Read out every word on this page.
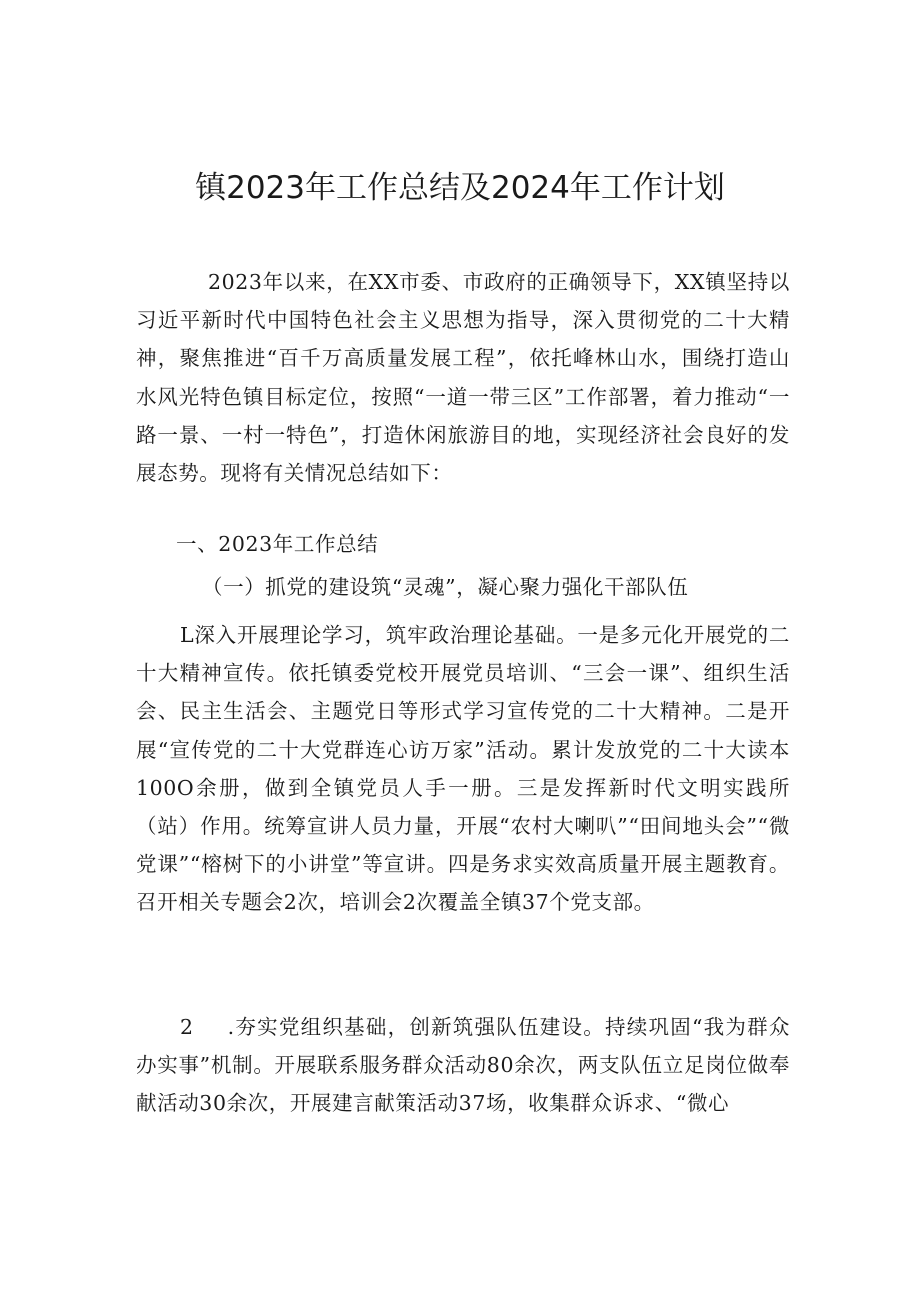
镇2023年工作总结及2024年工作计划

2023年以来，在XX市委、市政府的正确领导下，XX镇坚持以习近平新时代中国特色社会主义思想为指导，深入贯彻党的二十大精神，聚焦推进“百千万高质量发展工程”，依托峰林山水，围绕打造山水风光特色镇目标定位，按照“一道一带三区”工作部署，着力推动“一路一景、一村一特色”，打造休闲旅游目的地，实现经济社会良好的发展态势。现将有关情况总结如下：

一、2023年工作总结

（一）抓党的建设筑“灵魂”，凝心聚力强化干部队伍

L深入开展理论学习，筑牢政治理论基础。一是多元化开展党的二十大精神宣传。依托镇委党校开展党员培训、“三会一课”、组织生活会、民主生活会、主题党日等形式学习宣传党的二十大精神。二是开展“宣传党的二十大党群连心访万家”活动。累计发放党的二十大读本100O余册，做到全镇党员人手一册。三是发挥新时代文明实践所（站）作用。统筹宣讲人员力量，开展“农村大喇叭”“田间地头会”“微党课”“榕树下的小讲堂”等宣讲。四是务求实效高质量开展主题教育。召开相关专题会2次，培训会2次覆盖全镇37个党支部。

2 .夯实党组织基础，创新筑强队伍建设。持续巩固“我为群众办实事”机制。开展联系服务群众活动80余次，两支队伍立足岗位做奉献活动30余次，开展建言献策活动37场，收集群众诉求、“微心
